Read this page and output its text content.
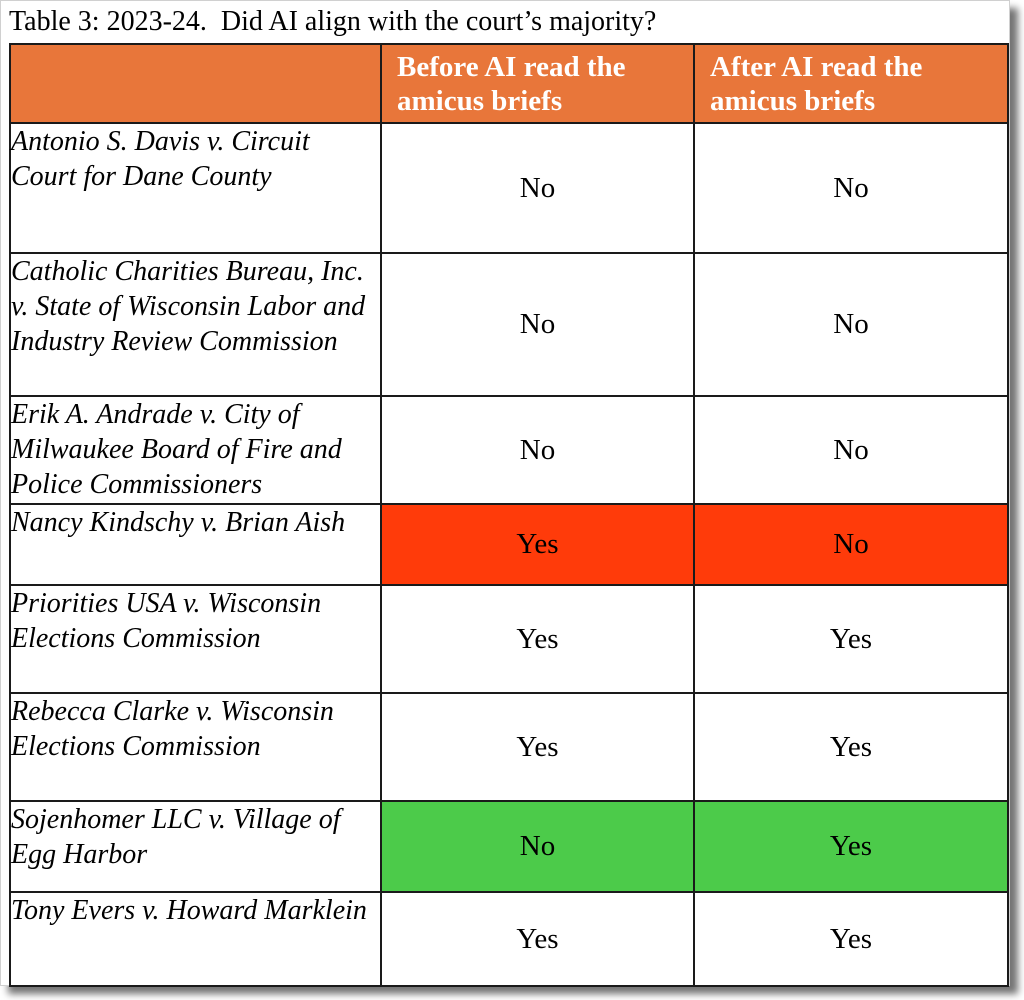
Table 3: 2023-24.  Did AI align with the court’s majority?
	Before AI read the amicus briefs	After AI read the amicus briefs
Antonio S. Davis v. Circuit Court for Dane County	No	No
Catholic Charities Bureau, Inc. v. State of Wisconsin Labor and Industry Review Commission	No	No
Erik A. Andrade v. City of Milwaukee Board of Fire and Police Commissioners	No	No
Nancy Kindschy v. Brian Aish	Yes	No
Priorities USA v. Wisconsin Elections Commission	Yes	Yes
Rebecca Clarke v. Wisconsin Elections Commission	Yes	Yes
Sojenhomer LLC v. Village of Egg Harbor	No	Yes
Tony Evers v. Howard Marklein	Yes	Yes
